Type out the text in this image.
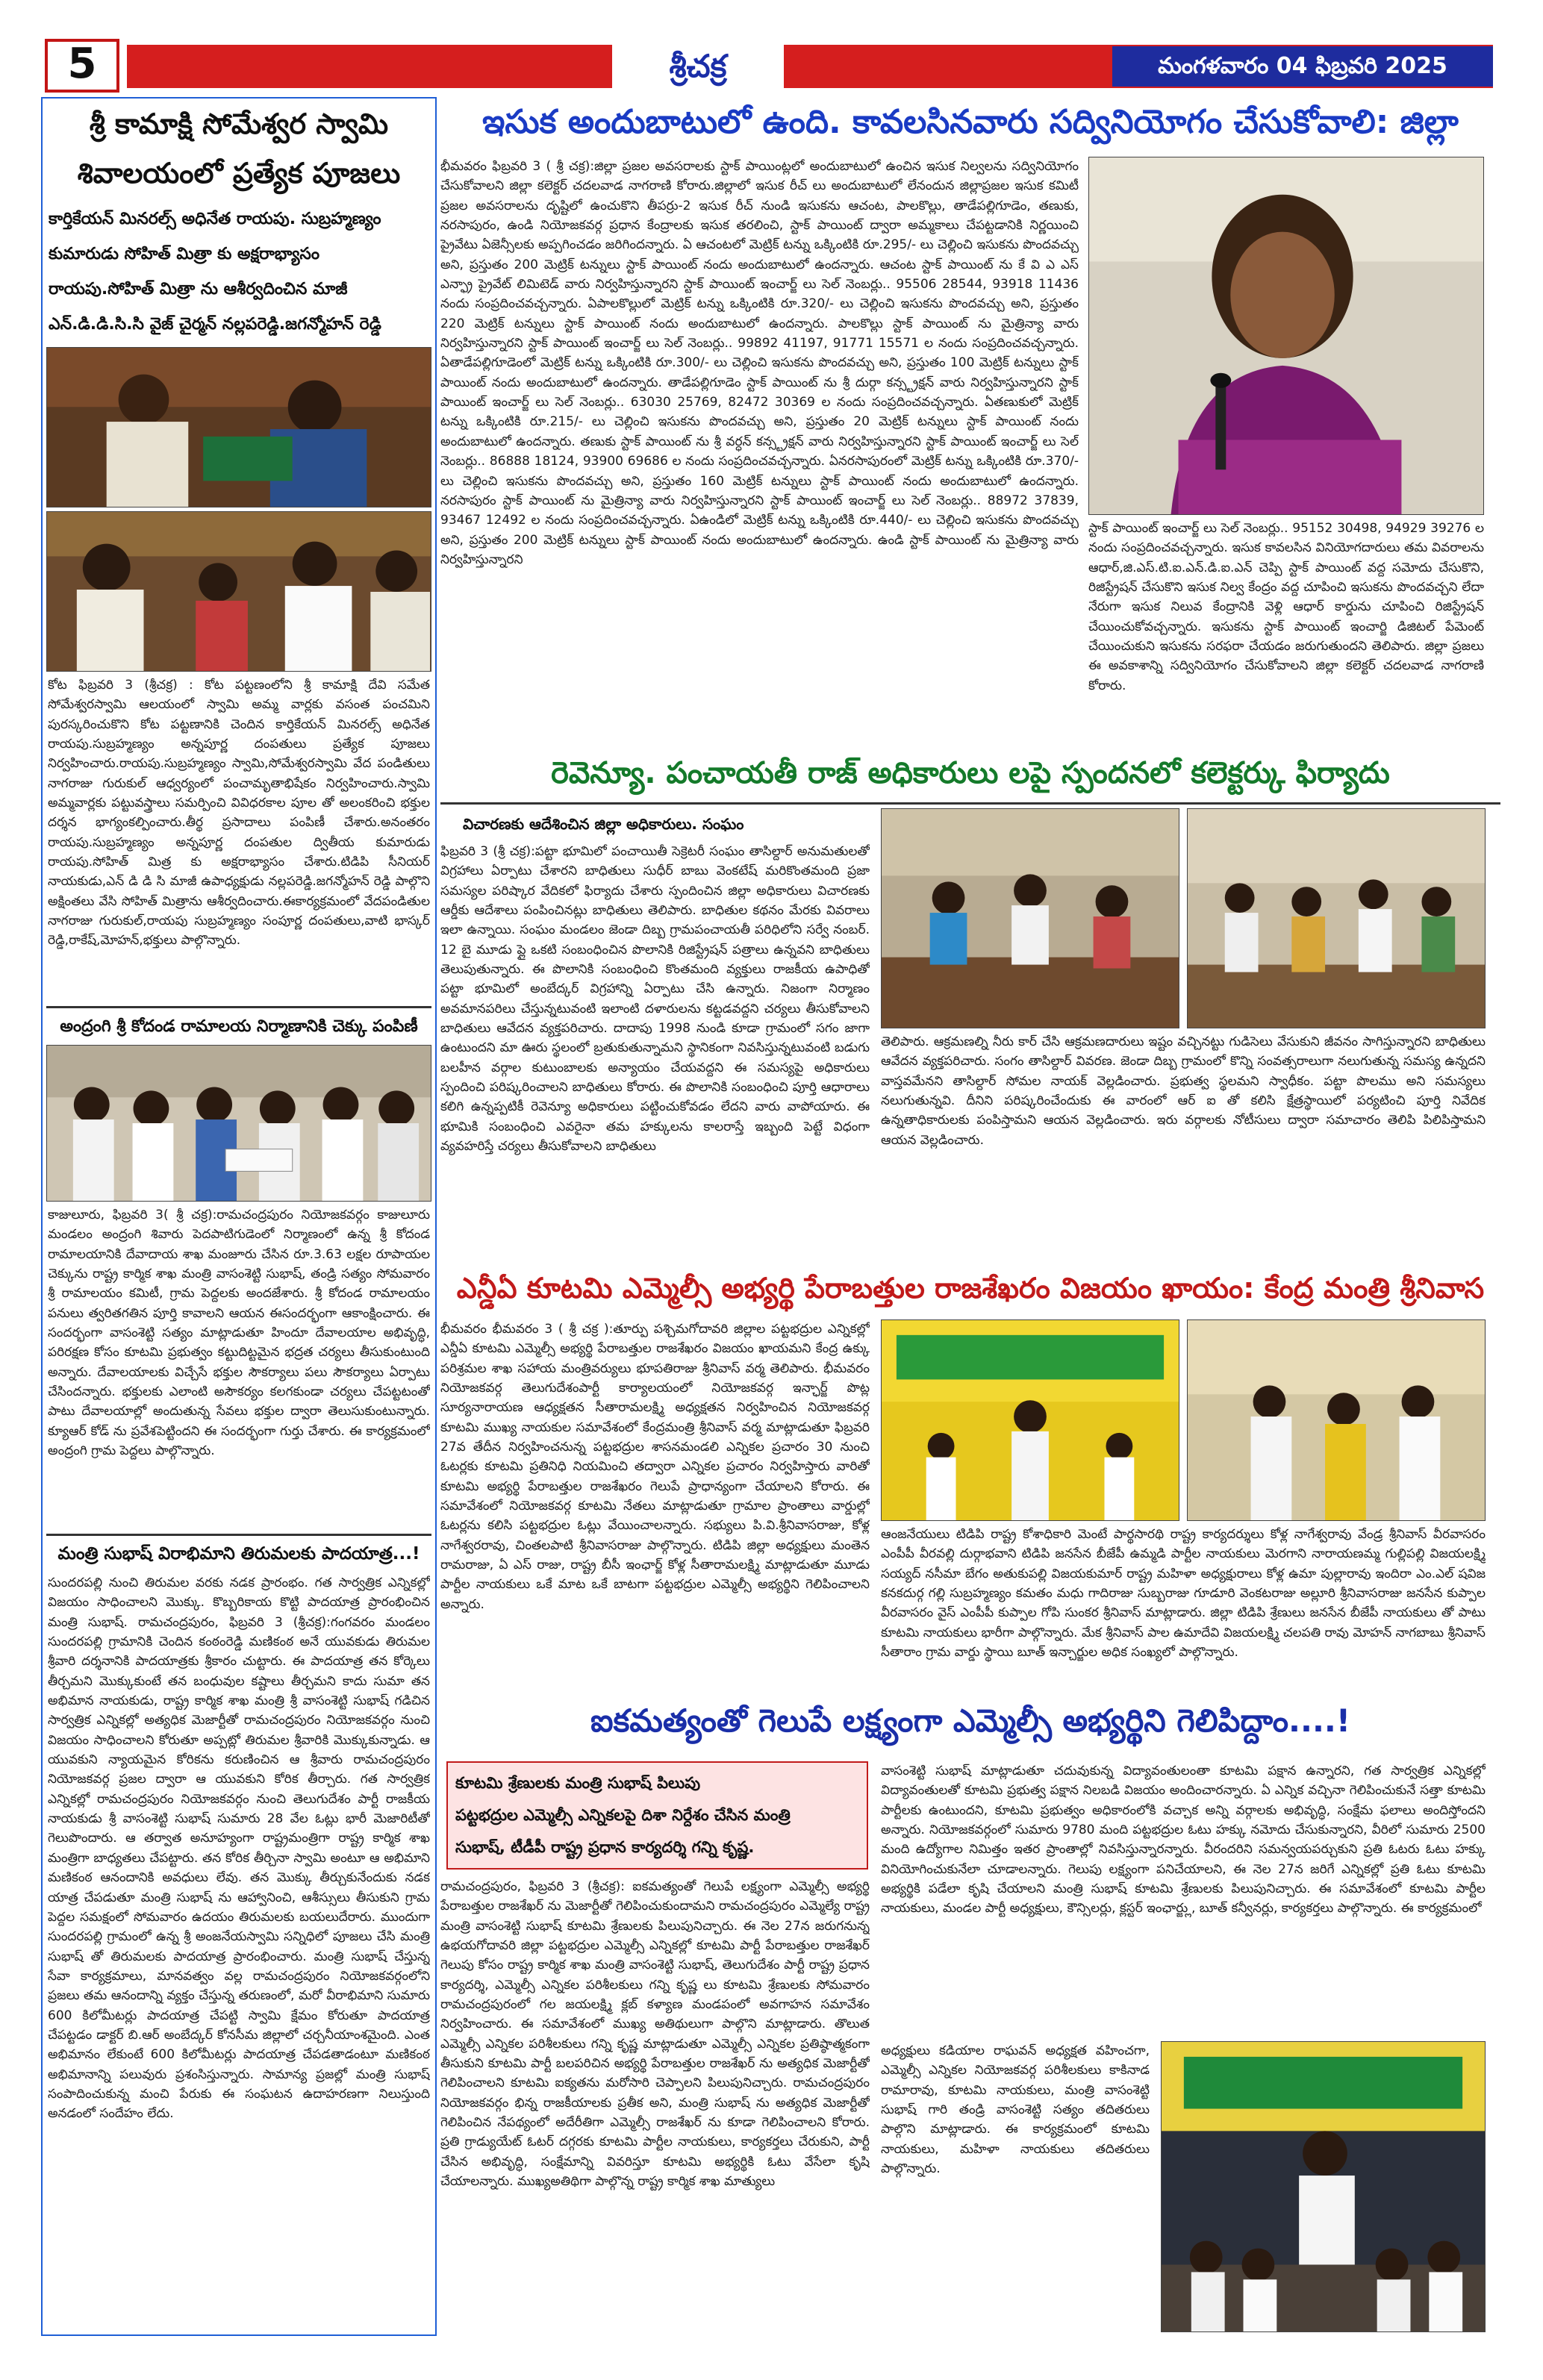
5	శ్రీచక్ర	మంగళవారం 04 ఫిబ్రవరి 2025
శ్రీ కామాక్షి సోమేశ్వర స్వామి
శివాలయంలో ప్రత్యేక పూజలు
కార్తికేయన్ మినరల్స్ అధినేత రాయపు. సుబ్రహ్మణ్యం
కుమారుడు సోహిత్ మిత్రా కు అక్షరాభ్యాసం
రాయపు.సోహిత్ మిత్రా ను ఆశీర్వదించిన మాజీ
ఎన్.డి.డి.సి.సి వైజ్ చైర్మన్ నల్లపరెడ్డి.జగన్మోహన్ రెడ్డి
కోట ఫిబ్రవరి 3 (శ్రీచక్ర) : కోట పట్టణంలోని శ్రీ కామాక్షి దేవి సమేత సోమేశ్వరస్వామి ఆలయంలో స్వామి అమ్మ వార్లకు వసంత పంచమిని పురస్కరించుకొని కోట పట్టణానికి చెందిన కార్తికేయన్ మినరల్స్ అధినేత రాయపు.సుబ్రహ్మణ్యం అన్నపూర్ణ దంపతులు ప్రత్యేక పూజలు నిర్వహించారు.రాయపు.సుబ్రహ్మణ్యం స్వామి,సోమేశ్వరస్వామి వేద పండితులు నాగరాజు గురుకుల్ ఆధ్వర్యంలో పంచామృతాభిషేకం నిర్వహించారు.స్వామి అమ్మవార్లకు పట్టువస్త్రాలు సమర్పించి వివిధరకాల పూల తో అలంకరించి భక్తుల దర్శన భాగ్యంకల్పించారు.తీర్థ ప్రసాదాలు పంపిణీ చేశారు.అనంతరం రాయపు.సుబ్రహ్మణ్యం అన్నపూర్ణ దంపతుల ద్వితీయ కుమారుడు రాయపు.సోహిత్ మిత్ర కు అక్షరాభ్యాసం చేశారు.టిడిపి సీనియర్ నాయకుడు,ఎన్ డి డి సి మాజీ ఉపాధ్యక్షుడు నల్లపరెడ్డి.జగన్మోహన్ రెడ్డి పాల్గొని అక్షింతలు వేసి సోహిత్ మిత్రాను ఆశీర్వదించారు.ఈకార్యక్రమంలో వేదపండితుల నాగరాజు గురుకుల్,రాయపు సుబ్రహ్మణ్యం సంపూర్ణ దంపతులు,వాటి భాస్కర్ రెడ్డి,రాకేష్,మోహన్,భక్తులు పాల్గొన్నారు.
అంద్రంగి శ్రీ కోదండ రామాలయ నిర్మాణానికి చెక్కు పంపిణీ
కాజులూరు, ఫిబ్రవరి 3( శ్రీ చక్ర):రామచంద్రపురం నియోజకవర్గం కాజులూరు మండలం అంద్రంగి శివారు పెదపాటిగుడెంలో నిర్మాణంలో ఉన్న శ్రీ కోదండ రామాలయానికి దేవాదాయ శాఖ మంజూరు చేసిన రూ.3.63 లక్షల రూపాయల చెక్కును రాష్ట్ర కార్మిక శాఖ మంత్రి వాసంశెట్టి సుభాష్, తండ్రి సత్యం సోమవారం శ్రీ రామాలయం కమిటీ, గ్రామ పెద్దలకు అందజేశారు. శ్రీ కోదండ రామాలయం పనులు త్వరితగతిన పూర్తి కావాలని ఆయన ఈసందర్భంగా ఆకాంక్షించారు. ఈ సందర్భంగా వాసంశెట్టి సత్యం మాట్లాడుతూ హిందూ దేవాలయాల అభివృద్ధి, పరిరక్షణ కోసం కూటమి ప్రభుత్వం కట్టుదిట్టమైన భద్రత చర్యలు తీసుకుంటుంది అన్నారు. దేవాలయాలకు విచ్చేసే భక్తుల సౌకర్యాలు పలు సౌకర్యాలు ఏర్పాటు చేసిందన్నారు. భక్తులకు ఎలాంటి అసౌకర్యం కలగకుండా చర్యలు చేపట్టటంతో పాటు దేవాలయాల్లో అందుతున్న సేవలు భక్తుల ద్వారా తెలుసుకుంటున్నారు. క్యూఆర్ కోడ్ ను ప్రవేశపెట్టిందని ఈ సందర్భంగా గుర్తు చేశారు. ఈ కార్యక్రమంలో అంద్రంగి గ్రామ పెద్దలు పాల్గొన్నారు.
మంత్రి సుభాష్ విరాభిమాని తిరుమలకు పాదయాత్ర...!
సుందరపల్లి నుంచి తిరుమల వరకు నడక ప్రారంభం. గత సార్వత్రిక ఎన్నికల్లో విజయం సాధించాలని మొక్కు. కొబ్బరికాయ కొట్టి పాదయాత్ర ప్రారంభించిన మంత్రి సుభాష్. రామచంద్రపురం, ఫిబ్రవరి 3 (శ్రీచక్ర):గంగవరం మండలం సుందరపల్లి గ్రామానికి చెందిన కంఠంరెడ్డి మణికంఠ అనే యువకుడు తిరుమల శ్రీవారి దర్శనానికి పాదయాత్రకు శ్రీకారం చుట్టారు. ఈ పాదయాత్ర తన కోర్కెలు తీర్చమని మొక్కుకుంటే తన బంధువుల కష్టాలు తీర్చమని కాదు సుమా తన అభిమాన నాయకుడు, రాష్ట్ర కార్మిక శాఖ మంత్రి శ్రీ వాసంశెట్టి సుభాష్ గడిచిన సార్వత్రిక ఎన్నికల్లో అత్యధిక మెజార్టీతో రామచంద్రపురం నియోజకవర్గం నుంచి విజయం సాధించాలని కోరుతూ అప్పట్లో తిరుమల శ్రీవారికి మొక్కుకున్నాడు. ఆ యువకుని న్యాయమైన కోరికను కరుణించిన ఆ శ్రీవారు రామచంద్రపురం నియోజకవర్గ ప్రజల ద్వారా ఆ యువకుని కోరిక తీర్చారు. గత సార్వత్రిక ఎన్నికల్లో రామచంద్రపురం నియోజకవర్గం నుంచి తెలుగుదేశం పార్టీ రాజకీయ నాయకుడు శ్రీ వాసంశెట్టి సుభాష్ సుమారు 28 వేల ఓట్లు భారీ మెజారిటీతో గెలుపొందారు. ఆ తర్వాత అనూహ్యంగా రాష్ట్రమంత్రిగా రాష్ట్ర కార్మిక శాఖ మంత్రిగా బాధ్యతలు చేపట్టారు. తన కోరిక తీర్చినా స్వామి అంటూ ఆ అభిమాని మణికంఠ ఆనందానికి అవధులు లేవు. తన మొక్కు తీర్చుకునేందుకు నడక యాత్ర చేపడుతూ మంత్రి సుభాష్ ను ఆహ్వానించి, ఆశీస్సులు తీసుకుని గ్రామ పెద్దల సమక్షంలో సోమవారం ఉదయం తిరుమలకు బయలుదేరారు. ముందుగా సుందరపల్లి గ్రామంలో ఉన్న శ్రీ అంజనేయస్వామి సన్నిధిలో పూజలు చేసి మంత్రి సుభాష్ తో తిరుమలకు పాదయాత్ర ప్రారంభించారు. మంత్రి సుభాష్ చేస్తున్న సేవా కార్యక్రమాలు, మానవత్వం వల్ల రామచంద్రపురం నియోజకవర్గంలోని ప్రజలు తమ ఆనందాన్ని వ్యక్తం చేస్తున్న తరుణంలో, మరో వీరాభిమాని సుమారు 600 కిలోమీటర్లు పాదయాత్ర చేపట్టి స్వామి క్షేమం కోరుతూ పాదయాత్ర చేపట్టడం డాక్టర్ బి.ఆర్ అంబేద్కర్ కోనసీమ జిల్లాలో చర్చనీయాంశమైంది. ఎంత అభిమానం లేకుంటే 600 కిలోమీటర్లు పాదయాత్ర చేపడతాడంటూ మణికంఠ అభిమానాన్ని పలువురు ప్రశంసిస్తున్నారు. సామాన్య ప్రజల్లో మంత్రి సుభాష్ సంపాదించుకున్న మంచి పేరుకు ఈ సంఘటన ఉదాహరణగా నిలుస్తుంది అనడంలో సందేహం లేదు.
ఇసుక అందుబాటులో ఉంది. కావలసినవారు సద్వినియోగం చేసుకోవాలి: జిల్లా
భీమవరం ఫిబ్రవరి 3 ( శ్రీ చక్ర):జిల్లా ప్రజల అవసరాలకు స్టాక్ పాయింట్లలో అందుబాటులో ఉంచిన ఇసుక నిల్వలను సద్వినియోగం చేసుకోవాలని జిల్లా కలెక్టర్ చదలవాడ నాగరాణి కోరారు.జిల్లాలో ఇసుక రీచ్ లు అందుబాటులో లేనందున జిల్లాప్రజల ఇసుక కమిటీ ప్రజల అవసరాలను దృష్టిలో ఉంచుకొని తీపర్రు-2 ఇసుక రీచ్ నుండి ఇసుకను ఆచంట, పాలకొల్లు, తాడేపల్లిగూడెం, తణుకు, నరసాపురం, ఉండి నియోజకవర్గ ప్రధాన కేంద్రాలకు ఇసుక తరలించి, స్టాక్ పాయింట్ ద్వారా అమ్మకాలు చేపట్టడానికి నిర్ణయించి ప్రైవేటు ఏజెన్సీలకు అప్పగించడం జరిగిందన్నారు. ఏ ఆచంటలో మెట్రిక్ టన్ను ఒక్కింటికి రూ.295/- లు చెల్లించి ఇసుకను పొందవచ్చు అని, ప్రస్తుతం 200 మెట్రిక్ టన్నులు స్టాక్ పాయింట్ నందు అందుబాటులో ఉందన్నారు. ఆచంట స్టాక్ పాయింట్ ను కే వి ఎ ఎస్ ఎన్ఫ్రా ప్రైవేట్ లిమిటెడ్ వారు నిర్వహిస్తున్నారని స్టాక్ పాయింట్ ఇంచార్జ్ లు సెల్ నెంబర్లు.. 95506 28544, 93918 11436 నందు సంప్రదించవచ్చన్నారు. ఏపాలకొల్లులో మెట్రిక్ టన్ను ఒక్కింటికి రూ.320/- లు చెల్లించి ఇసుకను పొందవచ్చు అని, ప్రస్తుతం 220 మెట్రిక్ టన్నులు స్టాక్ పాయింట్ నందు అందుబాటులో ఉందన్నారు. పాలకొల్లు స్టాక్ పాయింట్ ను మైత్రిన్యా వారు నిర్వహిస్తున్నారని స్టాక్ పాయింట్ ఇంచార్జ్ లు సెల్ నెంబర్లు.. 99892 41197, 91771 15571 ల నందు సంప్రదించవచ్చన్నారు. ఏతాడేపల్లిగూడెంలో మెట్రిక్ టన్ను ఒక్కింటికి రూ.300/- లు చెల్లించి ఇసుకను పొందవచ్చు అని, ప్రస్తుతం 100 మెట్రిక్ టన్నులు స్టాక్ పాయింట్ నందు అందుబాటులో ఉందన్నారు. తాడేపల్లిగూడెం స్టాక్ పాయింట్ ను శ్రీ దుర్గా కన్స్ట్రక్షన్ వారు నిర్వహిస్తున్నారని స్టాక్ పాయింట్ ఇంచార్జ్ లు సెల్ నెంబర్లు.. 63030 25769, 82472 30369 ల నందు సంప్రదించవచ్చన్నారు. ఏతణుకులో మెట్రిక్ టన్ను ఒక్కింటికి రూ.215/- లు చెల్లించి ఇసుకను పొందవచ్చు అని, ప్రస్తుతం 20 మెట్రిక్ టన్నులు స్టాక్ పాయింట్ నందు అందుబాటులో ఉందన్నారు. తణుకు స్టాక్ పాయింట్ ను శ్రీ వర్ధన్ కన్స్ట్రక్షన్ వారు నిర్వహిస్తున్నారని స్టాక్ పాయింట్ ఇంచార్జ్ లు సెల్ నెంబర్లు.. 86888 18124, 93900 69686 ల నందు సంప్రదించవచ్చన్నారు. ఏనరసాపురంలో మెట్రిక్ టన్ను ఒక్కింటికి రూ.370/- లు చెల్లించి ఇసుకను పొందవచ్చు అని, ప్రస్తుతం 160 మెట్రిక్ టన్నులు స్టాక్ పాయింట్ నందు అందుబాటులో ఉందన్నారు. నరసాపురం స్టాక్ పాయింట్ ను మైత్రిన్యా వారు నిర్వహిస్తున్నారని స్టాక్ పాయింట్ ఇంచార్జ్ లు సెల్ నెంబర్లు.. 88972 37839, 93467 12492 ల నందు సంప్రదించవచ్చన్నారు. ఏఉండిలో మెట్రిక్ టన్ను ఒక్కింటికి రూ.440/- లు చెల్లించి ఇసుకను పొందవచ్చు అని, ప్రస్తుతం 200 మెట్రిక్ టన్నులు స్టాక్ పాయింట్ నందు అందుబాటులో ఉందన్నారు. ఉండి స్టాక్ పాయింట్ ను మైత్రిన్యా వారు నిర్వహిస్తున్నారని
స్టాక్ పాయింట్ ఇంచార్జ్ లు సెల్ నెంబర్లు.. 95152 30498, 94929 39276 ల నందు సంప్రదించవచ్చన్నారు. ఇసుక కావలసిన వినియోగదారులు తమ వివరాలను ఆధార్,జి.ఎస్.టి.ఐ.ఎన్.డి.ఐ.ఎన్ చెప్పి స్టాక్ పాయింట్ వద్ద సమోదు చేసుకొని, రిజిస్ట్రేషన్ చేసుకొని ఇసుక నిల్వ కేంద్రం వద్ద చూపించి ఇసుకను పొందవచ్చని లేదా నేరుగా ఇసుక నిలువ కేంద్రానికి వెళ్లి ఆధార్ కార్డును చూపించి రిజిస్ట్రేషన్ చేయించుకోవచ్చన్నారు. ఇసుకను స్టాక్ పాయింట్ ఇంచార్జి డిజిటల్ పేమెంట్ చేయించుకుని ఇసుకను సరఫరా చేయడం జరుగుతుందని తెలిపారు. జిల్లా ప్రజలు ఈ అవకాశాన్ని సద్వినియోగం చేసుకోవాలని జిల్లా కలెక్టర్ చదలవాడ నాగరాణి కోరారు.
రెవెన్యూ. పంచాయతీ రాజ్ అధికారులు లపై స్పందనలో కలెక్టర్కు ఫిర్యాదు
విచారణకు ఆదేశించిన జిల్లా అధికారులు. సంఘం
ఫిబ్రవరి 3 (శ్రీ చక్ర):పట్టా భూమిలో పంచాయితీ సెక్రెటరీ సంఘం తాసిల్దార్ అనుమతులతో విగ్రహాలు ఏర్పాటు చేశారని బాధితులు సుధీర్ బాబు వెంకటేష్ మరికొంతమంది ప్రజా సమస్యల పరిష్కార వేదికలో ఫిర్యాదు చేశారు స్పందించిన జిల్లా అధికారులు విచారణకు ఆర్డీకు ఆదేశాలు పంపించినట్లు బాధితులు తెలిపారు. బాధితుల కథనం మేరకు వివరాలు ఇలా ఉన్నాయి. సంఘం మండలం జెండా దిబ్బ గ్రామపంచాయతీ పరిధిలోని సర్వే నంబర్. 12 బై మూడు ప్లై ఒకటి సంబంధించిన పొలానికి రిజిస్ట్రేషన్ పత్రాలు ఉన్నవని బాధితులు తెలుపుతున్నారు. ఈ పొలానికి సంబంధించి కొంతమంది వ్యక్తులు రాజకీయ ఉపాధితో పట్టా భూమిలో అంబేద్కర్ విగ్రహాన్ని ఏర్పాటు చేసి ఉన్నారు. నిజంగా నిర్మాణం అవమానపరిలు చేస్తున్నటువంటి ఇలాంటి దళారులను కట్టడవద్దని చర్యలు తీసుకోవాలని బాధితులు ఆవేదన వ్యక్తపరిచారు. దాదాపు 1998 నుండి కూడా గ్రామంలో సగం జాగా ఉంటుందని మా ఊరు స్థలంలో బ్రతుకుతున్నామని స్థానికంగా నివసిస్తున్నటువంటి బడుగు బలహీన వర్గాల కుటుంబాలకు అన్యాయం చేయవద్దని ఈ సమస్యపై అధికారులు స్పందించి పరిష్కరించాలని బాధితులు కోరారు. ఈ పొలానికి సంబంధించి పూర్తి ఆధారాలు కలిగి ఉన్నప్పటికీ రెవెన్యూ అధికారులు పట్టించుకోవడం లేదని వారు వాపోయారు. ఈ భూమికి సంబంధించి ఎవరైనా తమ హక్కులను కాలరాస్తే ఇబ్బంది పెట్టే విధంగా వ్యవహరిస్తే చర్యలు తీసుకోవాలని బాధితులు
తెలిపారు. ఆక్రమణల్ని నీరు కార్ చేసి ఆక్రమణదారులు ఇష్టం వచ్చినట్టు గుడిసెలు వేసుకుని జీవనం సాగిస్తున్నారని బాధితులు ఆవేదన వ్యక్తపరిచారు. సంగం తాసిల్దార్ వివరణ. జెండా దిబ్బ గ్రామంలో కొన్ని సంవత్సరాలుగా నలుగుతున్న సమస్య ఉన్నదని వాస్తవమేనని తాసిల్దార్ సోమల నాయక్ వెల్లడించారు. ప్రభుత్వ స్థలమని స్వాధీకం. పట్టా పొలము అని సమస్యలు నలుగుతున్నవి. దీనిని పరిష్కరించేందుకు ఈ వారంలో ఆర్ ఐ తో కలిసి క్షేత్రస్థాయిలో పర్యటించి పూర్తి నివేదిక ఉన్నతాధికారులకు పంపిస్తామని ఆయన వెల్లడించారు. ఇరు వర్గాలకు నోటీసులు ద్వారా సమాచారం తెలిపి పిలిపిస్తామని ఆయన వెల్లడించారు.
ఎన్డీఏ కూటమి ఎమ్మెల్సీ అభ్యర్థి పేరాబత్తుల రాజశేఖరం విజయం ఖాయం: కేంద్ర మంత్రి శ్రీనివాస
భీమవరం భీమవరం 3 ( శ్రీ చక్ర ):తూర్పు పశ్చిమగోదావరి జిల్లాల పట్టభద్రుల ఎన్నికల్లో ఎన్డీఏ కూటమి ఎమ్మెల్సీ అభ్యర్థి పేరాబత్తుల రాజశేఖరం విజయం ఖాయమని కేంద్ర ఉక్కు పరిశ్రమల శాఖ సహాయ మంత్రివర్యులు భూపతిరాజు శ్రీనివాస్ వర్మ తెలిపారు. భీమవరం నియోజకవర్గ తెలుగుదేశంపార్టీ కార్యాలయంలో నియోజకవర్గ ఇన్ఛార్జ్ పొట్ల సూర్యనారాయణ ఆధ్యక్షతన సీతారామలక్ష్మి అధ్యక్షతన నిర్వహించిన నియోజకవర్గ కూటమి ముఖ్య నాయకుల సమావేశంలో కేంద్రమంత్రి శ్రీనివాస్ వర్మ మాట్లాడుతూ ఫిబ్రవరి 27వ తేదీన నిర్వహించనున్న పట్టభద్రుల శాసనమండలి ఎన్నికల ప్రచారం 30 నుంచి ఓటర్లకు కూటమి ప్రతినిధి నియమించి తద్వారా ఎన్నికల ప్రచారం నిర్వహిస్తారు వారితో కూటమి అభ్యర్థి పేరాబత్తుల రాజశేఖరం గెలుపే ప్రాధాన్యంగా చేయాలని కోరారు. ఈ సమావేశంలో నియోజకవర్గ కూటమి నేతలు మాట్లాడుతూ గ్రామాల ప్రాంతాలు వార్డుల్లో ఓటర్లను కలిసి పట్టభద్రుల ఓట్లు వేయించాలన్నారు. సభ్యులు పి.వి.శ్రీనివాసరాజు, కోళ్ల నాగేశ్వరరావు, చింతలపాటి శ్రీనివాసరాజు పాల్గొన్నారు. టిడిపి జిల్లా అధ్యక్షులు మంతెన రామరాజు, ఏ ఎస్ రాజు, రాష్ట్ర బీసీ ఇంఛార్జ్ కోళ్ల సీతారామలక్ష్మి మాట్లాడుతూ మూడు పార్టీల నాయకులు ఒకే మాట ఒకే బాటగా పట్టభద్రుల ఎమ్మెల్సీ అభ్యర్థిని గెలిపించాలని అన్నారు.
ఆంజనేయులు టిడిపి రాష్ట్ర కోశాధికారి మెంటే పార్థసారథి రాష్ట్ర కార్యదర్శులు కోళ్ల నాగేశ్వరావు వేండ్ర శ్రీనివాస్ వీరవాసరం ఎంపీపీ వీరవల్లి దుర్గాభవాని టిడిపి జనసేన బీజేపీ ఉమ్మడి పార్టీల నాయకులు మెరగాని నారాయణమ్మ గుల్లిపల్లి విజయలక్ష్మి సయ్యద్ నసీమా బేగం అతుకుపల్లి విజయకుమార్ రాష్ట్ర మహిళా అధ్యక్షురాలు కోళ్ల ఉమా పుల్లారావు ఇందిరా ఎం.ఎల్ షవిజ కనకదుర్గ గల్లి సుబ్రహ్మణ్యం కమతం మధు గాదిరాజు సుబ్బరాజు గూడూరి వెంకటరాజు అల్లూరి శ్రీనివాసరాజు జనసేన కుప్పాల వీరవాసరం వైస్ ఎంపీపీ కుప్పాల గోపి సుంకర శ్రీనివాస్ మాట్లాడారు. జిల్లా టిడిపి శ్రేణులు జనసేన బీజేపీ నాయకులు తో పాటు కూటమి నాయకులు భారీగా పాల్గొన్నారు. మేక శ్రీనివాస్ పాల ఉమాదేవి విజయలక్ష్మి చలపతి రావు మోహన్ నాగబాబు శ్రీనివాస్ సీతారాం గ్రామ వార్డు స్థాయి బూత్ ఇన్చార్జుల అధిక సంఖ్యలో పాల్గొన్నారు.
ఐకమత్యంతో గెలుపే లక్ష్యంగా ఎమ్మెల్సీ అభ్యర్థిని గెలిపిద్దాం....!
కూటమి శ్రేణులకు మంత్రి సుభాష్ పిలుపు
పట్టభద్రుల ఎమ్మెల్సీ ఎన్నికలపై దిశా నిర్దేశం చేసిన మంత్రి
సుభాష్, టీడీపీ రాష్ట్ర ప్రధాన కార్యదర్శి గన్ని కృష్ణ.
రామచంద్రపురం, ఫిబ్రవరి 3 (శ్రీచక్ర): ఐకమత్యంతో గెలుపే లక్ష్యంగా ఎమ్మెల్సీ అభ్యర్థి పేరాబత్తుల రాజశేఖర్ ను మెజార్టీతో గెలిపించుకుందామని రామచంద్రపురం ఎమ్మెల్యే రాష్ట్ర మంత్రి వాసంశెట్టి సుభాష్ కూటమి శ్రేణులకు పిలుపునిచ్చారు. ఈ నెల 27న జరుగనున్న ఉభయగోదావరి జిల్లా పట్టభద్రుల ఎమ్మెల్సీ ఎన్నికల్లో కూటమి పార్టీ పేరాబత్తుల రాజశేఖర్ గెలుపు కోసం రాష్ట్ర కార్మిక శాఖ మంత్రి వాసంశెట్టి సుభాష్, తెలుగుదేశం పార్టీ రాష్ట్ర ప్రధాన కార్యదర్శి, ఎమ్మెల్సీ ఎన్నికల పరిశీలకులు గన్ని కృష్ణ లు కూటమి శ్రేణులకు సోమవారం రామచంద్రపురంలో గల జయలక్ష్మి క్లబ్ కళ్యాణ మండపంలో అవగాహన సమావేశం నిర్వహించారు. ఈ సమావేశంలో ముఖ్య అతిథులుగా పాల్గొని మాట్లాడారు. తొలుత ఎమ్మెల్సీ ఎన్నికల పరిశీలకులు గన్ని కృష్ణ మాట్లాడుతూ ఎమ్మెల్సీ ఎన్నికల ప్రతిష్ఠాత్మకంగా తీసుకుని కూటమి పార్టీ బలపరిచిన అభ్యర్థి పేరాబత్తుల రాజశేఖర్ ను అత్యధిక మెజార్టీతో గెలిపించాలని కూటమి ఐక్యతను మరోసారి చెప్పాలని పిలుపునిచ్చారు. రామచంద్రపురం నియోజకవర్గం భిన్న రాజకీయాలకు ప్రతీక అని, మంత్రి సుభాష్ ను అత్యధిక మెజార్టీతో గెలిపించిన నేపథ్యంలో అదేరీతిగా ఎమ్మెల్సీ రాజశేఖర్ ను కూడా గెలిపించాలని కోరారు. ప్రతి గ్రాడ్యుయేట్ ఓటర్ దగ్గరకు కూటమి పార్టీల నాయకులు, కార్యకర్తలు చేరుకుని, పార్టీ చేసిన అభివృద్ధి, సంక్షేమాన్ని వివరిస్తూ కూటమి అభ్యర్థికి ఓటు వేసేలా కృషి చేయాలన్నారు. ముఖ్యఅతిథిగా పాల్గొన్న రాష్ట్ర కార్మిక శాఖ మాత్యులు
వాసంశెట్టి సుభాష్ మాట్లాడుతూ చదువుకున్న విద్యావంతులంతా కూటమి పక్షాన ఉన్నారని, గత సార్వత్రిక ఎన్నికల్లో విద్యావంతులతో కూటమి ప్రభుత్వ పక్షాన నిలబడి విజయం అందించారన్నారు. ఏ ఎన్నిక వచ్చినా గెలిపించుకునే సత్తా కూటమి పార్టీలకు ఉంటుందని, కూటమి ప్రభుత్వం అధికారంలోకి వచ్చాక అన్ని వర్గాలకు అభివృద్ధి, సంక్షేమ ఫలాలు అందిస్తోందని అన్నారు. నియోజకవర్గంలో సుమారు 9780 మంది పట్టభద్రుల ఓటు హక్కు నమోదు చేసుకున్నారని, వీరిలో సుమారు 2500 మంది ఉద్యోగాల నిమిత్తం ఇతర ప్రాంతాల్లో నివసిస్తున్నారన్నారు. వీరందరిని సమన్వయపర్చుకుని ప్రతి ఓటరు ఓటు హక్కు వినియోగించుకునేలా చూడాలన్నారు. గెలుపు లక్ష్యంగా పనిచేయాలని, ఈ నెల 27న జరిగే ఎన్నికల్లో ప్రతి ఓటు కూటమి అభ్యర్థికి పడేలా కృషి చేయాలని మంత్రి సుభాష్ కూటమి శ్రేణులకు పిలుపునిచ్చారు. ఈ సమావేశంలో కూటమి పార్టీల నాయకులు, మండల పార్టీ అధ్యక్షులు, కౌన్సిలర్లు, క్లస్టర్ ఇంఛార్జ్లు, బూత్ కన్వీనర్లు, కార్యకర్తలు పాల్గొన్నారు. ఈ కార్యక్రమంలో
అధ్యక్షులు కడియాల రాఘవన్ అధ్యక్షత వహించగా, ఎమ్మెల్సీ ఎన్నికల నియోజకవర్గ పరిశీలకులు కాకినాడ రామారావు, కూటమి నాయకులు, మంత్రి వాసంశెట్టి సుభాష్ గారి తండ్రి వాసంశెట్టి సత్యం తదితరులు పాల్గొని మాట్లాడారు. ఈ కార్యక్రమంలో కూటమి నాయకులు, మహిళా నాయకులు తదితరులు పాల్గొన్నారు.
